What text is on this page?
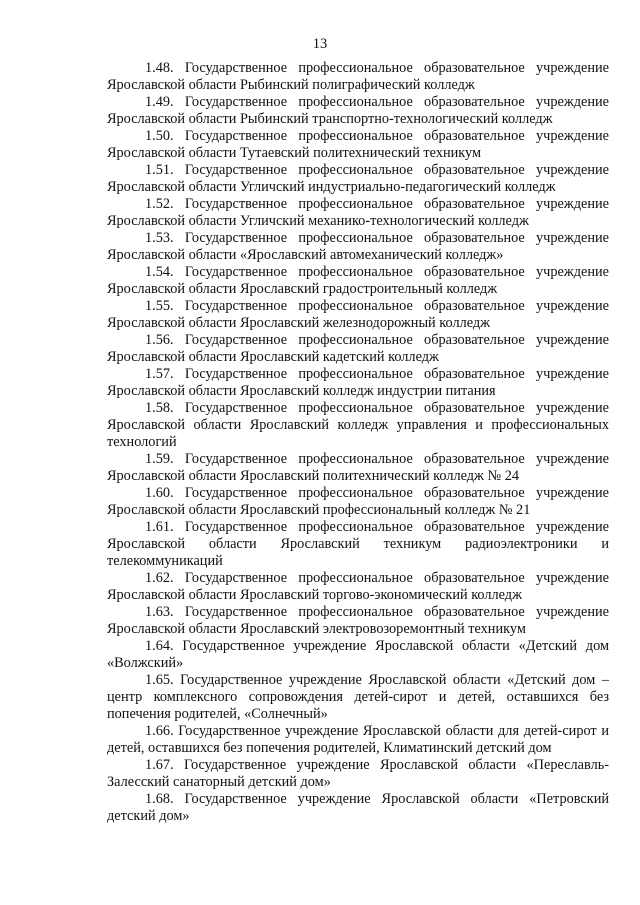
13

1.48. Государственное профессиональное образовательное учреждение Ярославской области Рыбинский полиграфический колледж

1.49. Государственное профессиональное образовательное учреждение Ярославской области Рыбинский транспортно-технологический колледж

1.50. Государственное профессиональное образовательное учреждение Ярославской области Тутаевский политехнический техникум

1.51. Государственное профессиональное образовательное учреждение Ярославской области Угличский индустриально-педагогический колледж

1.52. Государственное профессиональное образовательное учреждение Ярославской области Угличский механико-технологический колледж

1.53. Государственное профессиональное образовательное учреждение Ярославской области «Ярославский автомеханический колледж»

1.54. Государственное профессиональное образовательное учреждение Ярославской области Ярославский градостроительный колледж

1.55. Государственное профессиональное образовательное учреждение Ярославской области Ярославский железнодорожный колледж

1.56. Государственное профессиональное образовательное учреждение Ярославской области Ярославский кадетский колледж

1.57. Государственное профессиональное образовательное учреждение Ярославской области Ярославский колледж индустрии питания

1.58. Государственное профессиональное образовательное учреждение Ярославской области Ярославский колледж управления и профессиональных технологий

1.59. Государственное профессиональное образовательное учреждение Ярославской области Ярославский политехнический колледж № 24

1.60. Государственное профессиональное образовательное учреждение Ярославской области Ярославский профессиональный колледж № 21

1.61. Государственное профессиональное образовательное учреждение Ярославской области Ярославский техникум радиоэлектроники и телекоммуникаций

1.62. Государственное профессиональное образовательное учреждение Ярославской области Ярославский торгово-экономический колледж

1.63. Государственное профессиональное образовательное учреждение Ярославской области Ярославский электровозоремонтный техникум

1.64. Государственное учреждение Ярославской области «Детский дом «Волжский»

1.65. Государственное учреждение Ярославской области «Детский дом – центр комплексного сопровождения детей-сирот и детей, оставшихся без попечения родителей, «Солнечный»

1.66. Государственное учреждение Ярославской области для детей-сирот и детей, оставшихся без попечения родителей, Климатинский детский дом

1.67. Государственное учреждение Ярославской области «Переславль-Залесский санаторный детский дом»

1.68. Государственное учреждение Ярославской области «Петровский детский дом»
